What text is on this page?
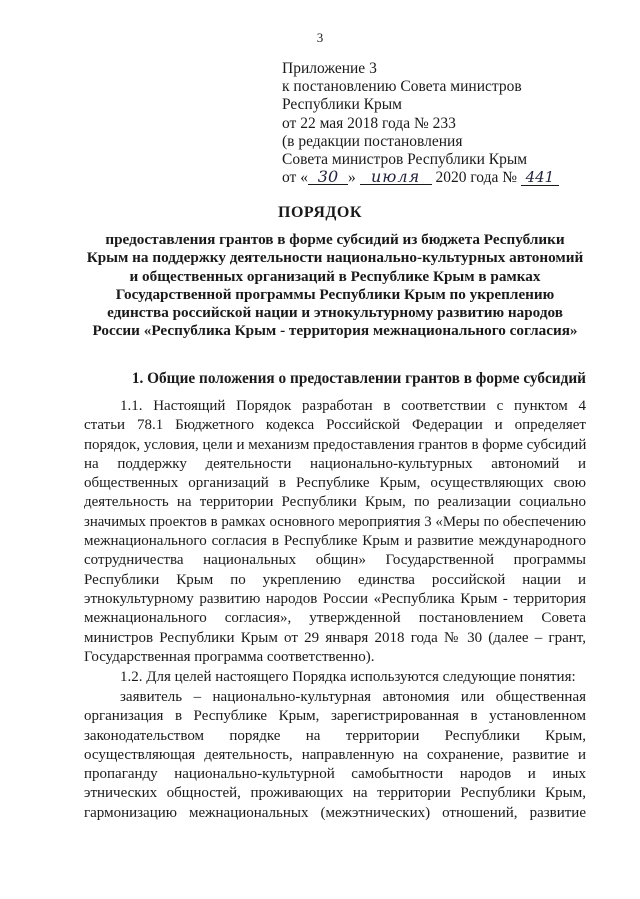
3
Приложение 3
к постановлению Совета министров
Республики Крым
от 22 мая 2018 года № 233
(в редакции постановления
Совета министров Республики Крым
от « 30 » июля 2020 года № 441
ПОРЯДОК
предоставления грантов в форме субсидий из бюджета Республики
Крым на поддержку деятельности национально-культурных автономий
и общественных организаций в Республике Крым в рамках
Государственной программы Республики Крым по укреплению
единства российской нации и этнокультурному развитию народов
России «Республика Крым - территория межнационального согласия»
1. Общие положения о предоставлении грантов в форме субсидий
1.1. Настоящий Порядок разработан в соответствии с пунктом 4
статьи 78.1 Бюджетного кодекса Российской Федерации и определяет
порядок, условия, цели и механизм предоставления грантов в форме субсидий
на поддержку деятельности национально-культурных автономий и
общественных организаций в Республике Крым, осуществляющих свою
деятельность на территории Республики Крым, по реализации социально
значимых проектов в рамках основного мероприятия 3 «Меры по обеспечению
межнационального согласия в Республике Крым и развитие международного
сотрудничества национальных общин» Государственной программы
Республики Крым по укреплению единства российской нации и
этнокультурному развитию народов России «Республика Крым - территория
межнационального согласия», утвержденной постановлением Совета
министров Республики Крым от 29 января 2018 года № 30 (далее – грант,
Государственная программа соответственно).
1.2. Для целей настоящего Порядка используются следующие понятия:
заявитель – национально-культурная автономия или общественная
организация в Республике Крым, зарегистрированная в установленном
законодательством порядке на территории Республики Крым,
осуществляющая деятельность, направленную на сохранение, развитие и
пропаганду национально-культурной самобытности народов и иных
этнических общностей, проживающих на территории Республики Крым,
гармонизацию межнациональных (межэтнических) отношений, развитие
